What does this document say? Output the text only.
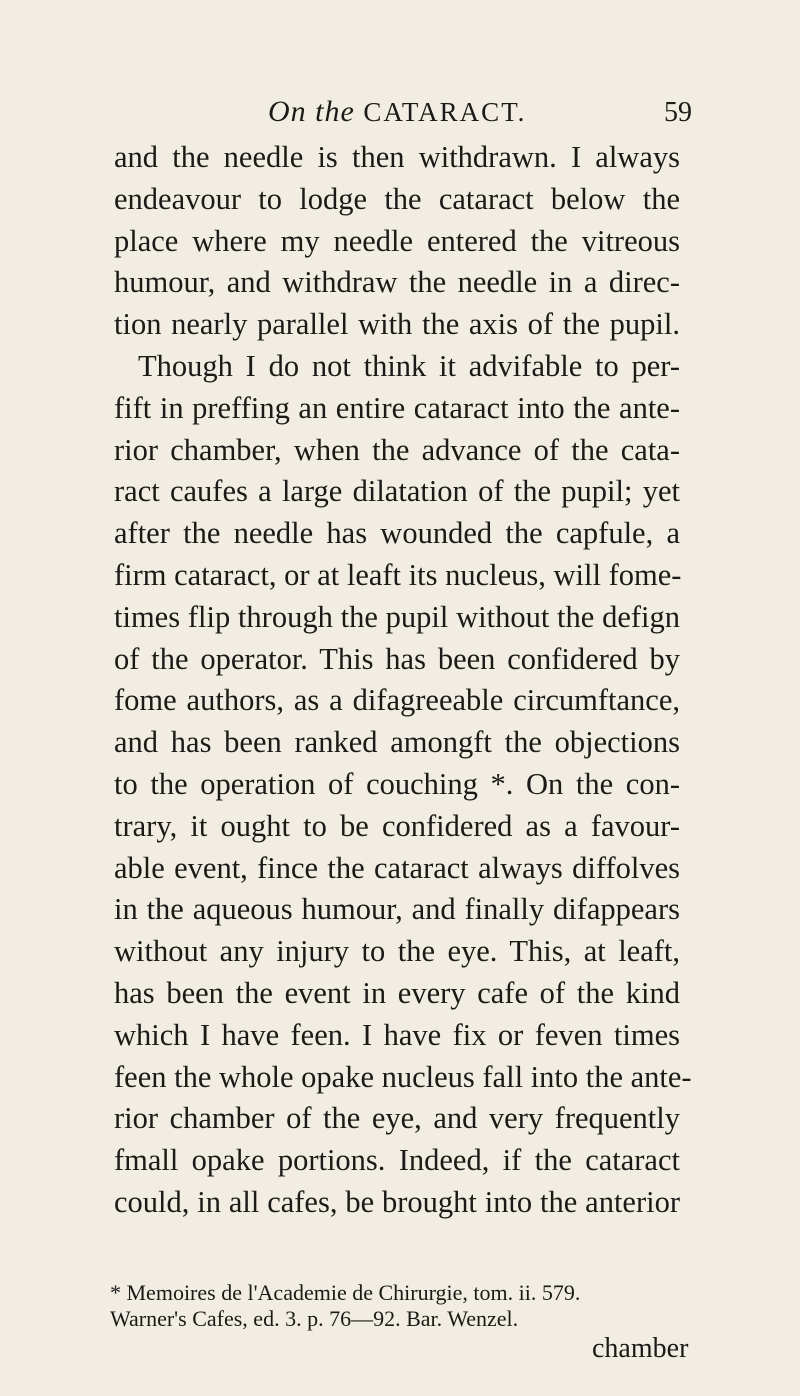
On the CATARACT.	59
and the needle is then withdrawn. I always
endeavour to lodge the cataract below the
place where my needle entered the vitreous
humour, and withdraw the needle in a direc-
tion nearly parallel with the axis of the pupil.
Though I do not think it advifable to per-
fift in preffing an entire cataract into the ante-
rior chamber, when the advance of the cata-
ract caufes a large dilatation of the pupil; yet
after the needle has wounded the capfule, a
firm cataract, or at leaft its nucleus, will fome-
times flip through the pupil without the defign
of the operator. This has been confidered by
fome authors, as a difagreeable circumftance,
and has been ranked amongft the objections
to the operation of couching *. On the con-
trary, it ought to be confidered as a favour-
able event, fince the cataract always diffolves
in the aqueous humour, and finally difappears
without any injury to the eye. This, at leaft,
has been the event in every cafe of the kind
which I have feen. I have fix or feven times
feen the whole opake nucleus fall into the ante-
rior chamber of the eye, and very frequently
fmall opake portions. Indeed, if the cataract
could, in all cafes, be brought into the anterior
* Memoires de l'Academie de Chirurgie, tom. ii. 579.
Warner's Cafes, ed. 3. p. 76—92. Bar. Wenzel.
chamber
